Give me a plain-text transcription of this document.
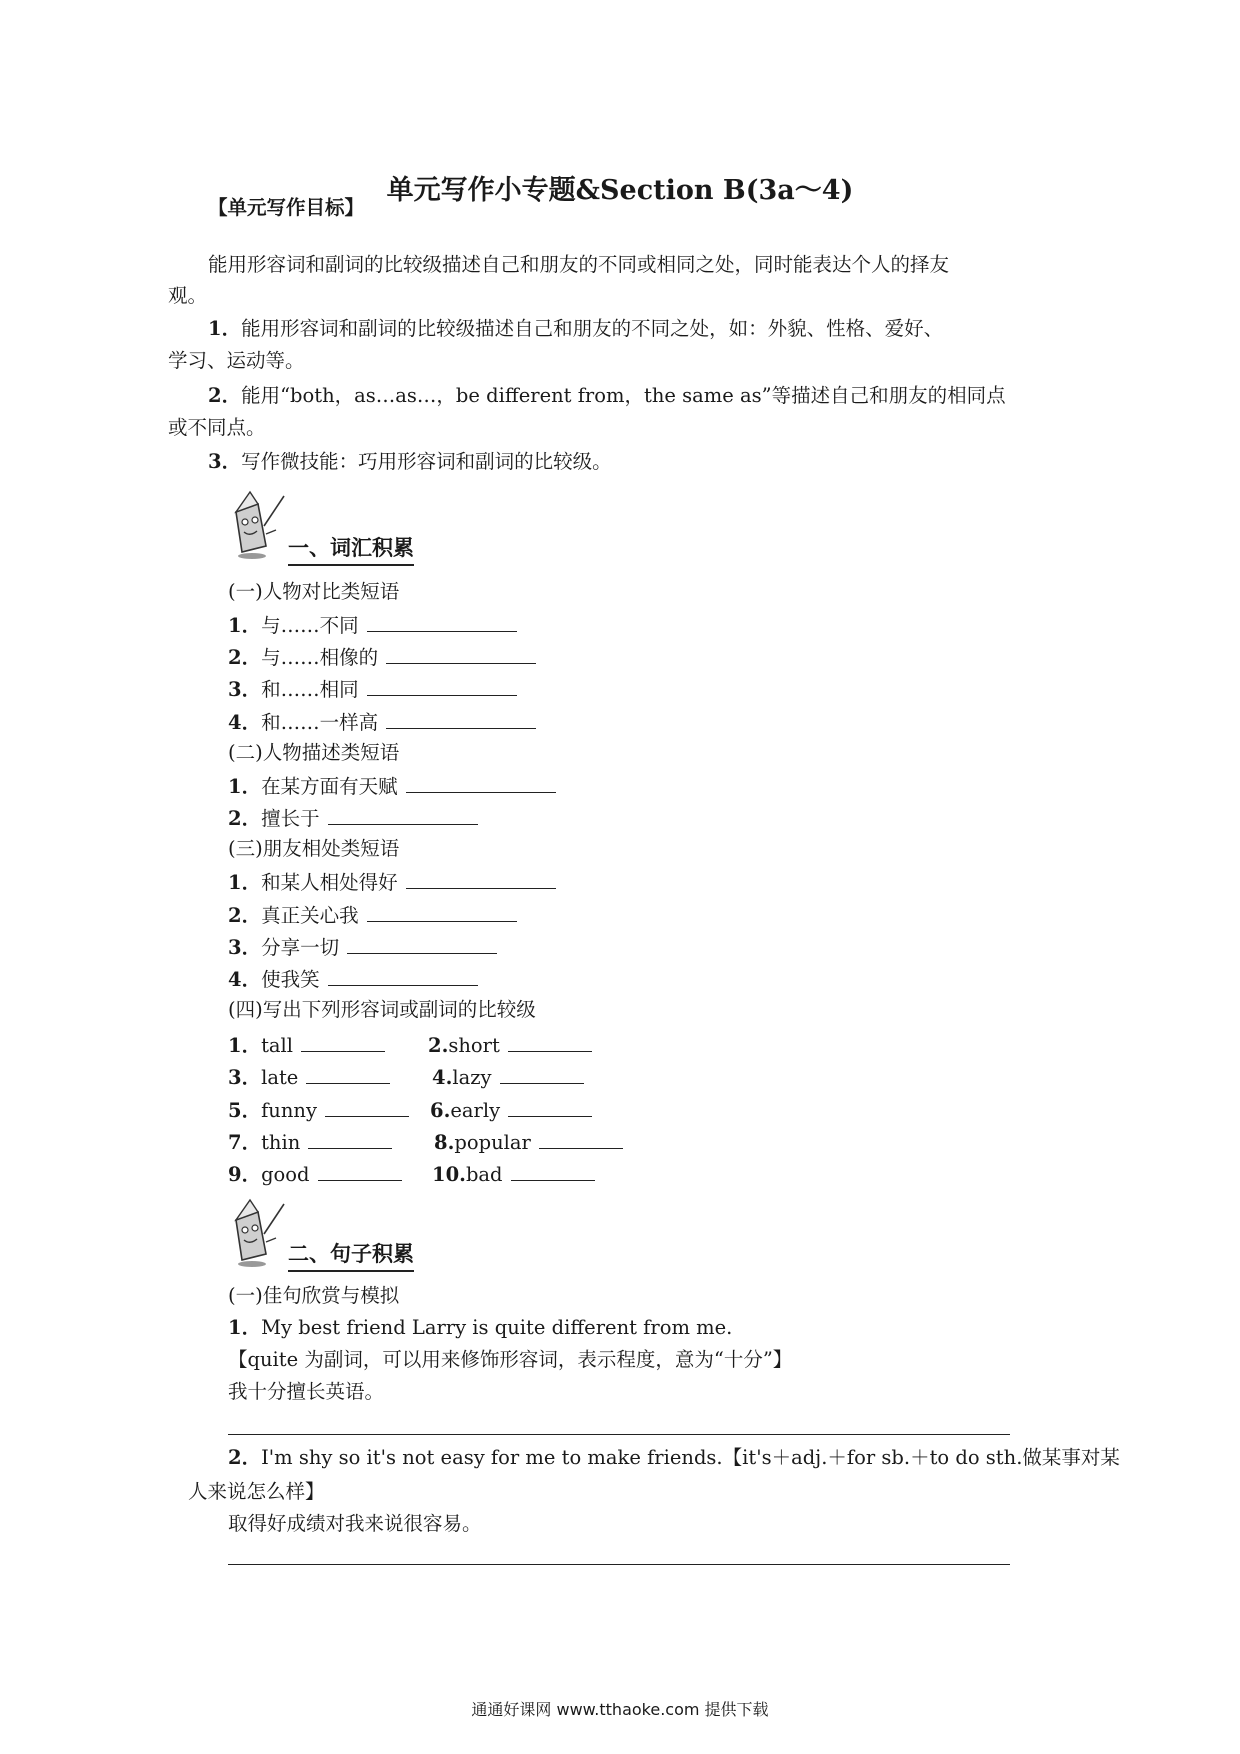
单元写作小专题&Section B(3a～4)
【单元写作目标】
能用形容词和副词的比较级描述自己和朋友的不同或相同之处，同时能表达个人的择友
观。
1．能用形容词和副词的比较级描述自己和朋友的不同之处，如：外貌、性格、爱好、
学习、运动等。
2．能用“both，as…as…，be different from，the same as”等描述自己和朋友的相同点
或不同点。
3．写作微技能：巧用形容词和副词的比较级。
一、词汇积累
(一)人物对比类短语
1．与……不同
2．与……相像的
3．和……相同
4．和……一样高
(二)人物描述类短语
1．在某方面有天赋
2．擅长于
(三)朋友相处类短语
1．和某人相处得好
2．真正关心我
3．分享一切
4．使我笑
(四)写出下列形容词或副词的比较级
1．tall	2.short
3．late	4.lazy
5．funny	6.early
7．thin	8.popular
9．good	10.bad
二、句子积累
(一)佳句欣赏与模拟
1．My best friend Larry is quite different from me.
【quite 为副词，可以用来修饰形容词，表示程度，意为“十分”】
我十分擅长英语。
2．I'm shy so it's not easy for me to make friends.【it's＋adj.＋for sb.＋to do sth.做某事对某
人来说怎么样】
取得好成绩对我来说很容易。
通通好课网 www.tthaoke.com 提供下载
